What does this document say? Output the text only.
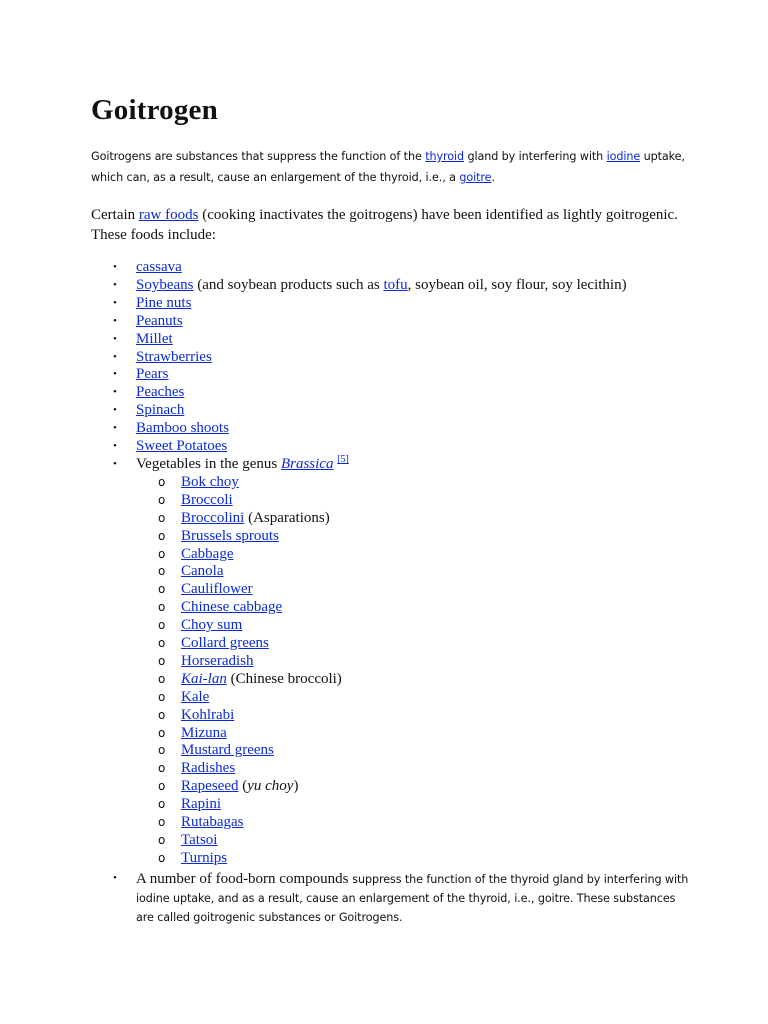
Goitrogen

Goitrogens are substances that suppress the function of the thyroid gland by interfering with iodine uptake, which can, as a result, cause an enlargement of the thyroid, i.e., a goitre.

Certain raw foods (cooking inactivates the goitrogens) have been identified as lightly goitrogenic. These foods include:

• cassava
• Soybeans (and soybean products such as tofu, soybean oil, soy flour, soy lecithin)
• Pine nuts
• Peanuts
• Millet
• Strawberries
• Pears
• Peaches
• Spinach
• Bamboo shoots
• Sweet Potatoes
• Vegetables in the genus Brassica [5]
o Bok choy
o Broccoli
o Broccolini (Asparations)
o Brussels sprouts
o Cabbage
o Canola
o Cauliflower
o Chinese cabbage
o Choy sum
o Collard greens
o Horseradish
o Kai-lan (Chinese broccoli)
o Kale
o Kohlrabi
o Mizuna
o Mustard greens
o Radishes
o Rapeseed (yu choy)
o Rapini
o Rutabagas
o Tatsoi
o Turnips
• A number of food-born compounds suppress the function of the thyroid gland by interfering with iodine uptake, and as a result, cause an enlargement of the thyroid, i.e., goitre. These substances are called goitrogenic substances or Goitrogens.
